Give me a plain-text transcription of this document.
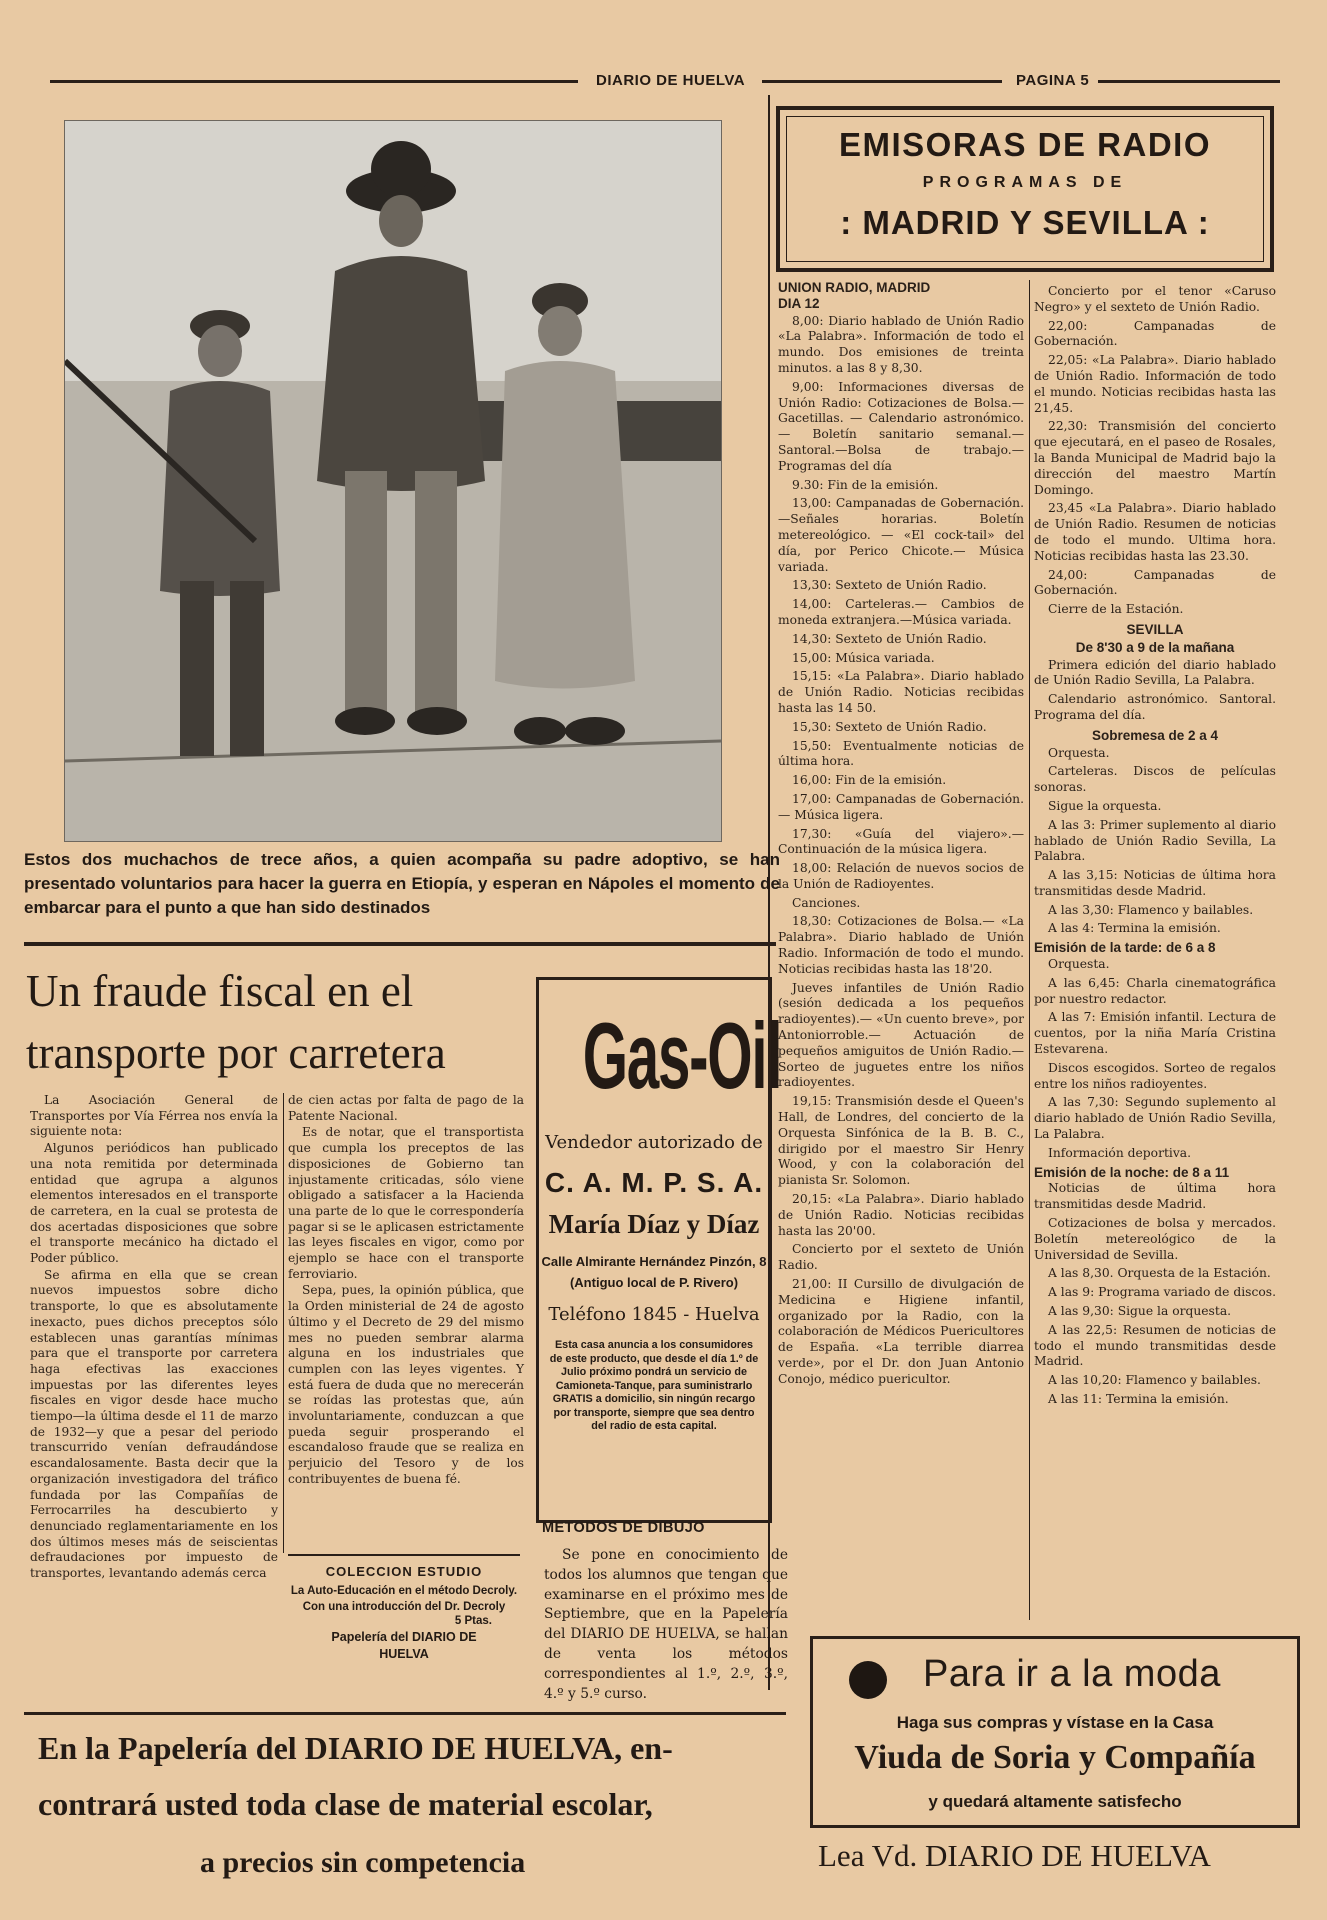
DIARIO DE HUELVA	PAGINA 5
Estos dos muchachos de trece años, a quien acompaña su padre adoptivo, se han presentado voluntarios para hacer la guerra en Etiopía, y esperan en Nápoles el momento de embarcar para el punto a que han sido destinados
Un fraude fiscal en el transporte por carretera

La Asociación General de Transportes por Vía Férrea nos envía la siguiente nota:

Algunos periódicos han publicado una nota remitida por determinada entidad que agrupa a algunos elementos interesados en el transporte de carretera, en la cual se protesta de dos acertadas disposiciones que sobre el transporte mecánico ha dictado el Poder público.

Se afirma en ella que se crean nuevos impuestos sobre dicho transporte, lo que es absolutamente inexacto, pues dichos preceptos sólo establecen unas garantías mínimas para que el transporte por carretera haga efectivas las exacciones impuestas por las diferentes leyes fiscales en vigor desde hace mucho tiempo—la última desde el 11 de marzo de 1932—y que a pesar del periodo transcurrido venían defraudándose escandalosamente. Basta decir que la organización investigadora del tráfico fundada por las Compañías de Ferrocarriles ha descubierto y denunciado reglamentariamente en los dos últimos meses más de seiscientas defraudaciones por impuesto de transportes, levantando además cerca

de cien actas por falta de pago de la Patente Nacional.

Es de notar, que el transportista que cumpla los preceptos de las disposiciones de Gobierno tan injustamente criticadas, sólo viene obligado a satisfacer a la Hacienda una parte de lo que le correspondería pagar si se le aplicasen estrictamente las leyes fiscales en vigor, como por ejemplo se hace con el transporte ferroviario.

Sepa, pues, la opinión pública, que la Orden ministerial de 24 de agosto último y el Decreto de 29 del mismo mes no pueden sembrar alarma alguna en los industriales que cumplen con las leyes vigentes. Y está fuera de duda que no merecerán se roídas las protestas que, aún involuntariamente, conduzcan a que pueda seguir prosperando el escandaloso fraude que se realiza en perjuicio del Tesoro y de los contribuyentes de buena fé.

COLECCION ESTUDIO
La Auto-Educación en el método Decroly. Con una introducción del Dr. Decroly
5 Ptas.
Papelería del DIARIO DE HUELVA
Gas-Oil
Vendedor autorizado de
C. A. M. P. S. A.
María Díaz y Díaz
Calle Almirante Hernández Pinzón, 8
(Antiguo local de P. Rivero)
Teléfono 1845 - Huelva
Esta casa anuncia a los consumidores de este producto, que desde el día 1.º de Julio próximo pondrá un servicio de Camioneta-Tanque, para suministrarlo GRATIS a domicilio, sin ningún recargo por transporte, siempre que sea dentro del radio de esta capital.
METODOS DE DIBUJO
Se pone en conocimiento de todos los alumnos que tengan que examinarse en el próximo mes de Septiembre, que en la Papelería del DIARIO DE HUELVA, se hallan de venta los métodos correspondientes al 1.º, 2.º, 3.º, 4.º y 5.º curso.
En la Papelería del DIARIO DE HUELVA, en-
contrará usted toda clase de material escolar,
a precios sin competencia
EMISORAS DE RADIO
PROGRAMAS DE
: MADRID Y SEVILLA :
UNION RADIO, MADRID
DIA 12

8,00: Diario hablado de Unión Radio «La Palabra». Información de todo el mundo. Dos emisiones de treinta minutos. a las 8 y 8,30.

9,00: Informaciones diversas de Unión Radio: Cotizaciones de Bolsa.— Gacetillas. — Calendario astronómico.— Boletín sanitario semanal.— Santoral.—Bolsa de trabajo.—Programas del día

9.30: Fin de la emisión.

13,00: Campanadas de Gobernación. —Señales horarias. Boletín metereológico. — «El cock-tail» del día, por Perico Chicote.— Música variada.

13,30: Sexteto de Unión Radio.

14,00: Carteleras.— Cambios de moneda extranjera.—Música variada.

14,30: Sexteto de Unión Radio.

15,00: Música variada.

15,15: «La Palabra». Diario hablado de Unión Radio. Noticias recibidas hasta las 14 50.

15,30: Sexteto de Unión Radio.

15,50: Eventualmente noticias de última hora.

16,00: Fin de la emisión.

17,00: Campanadas de Gobernación.— Música ligera.

17,30: «Guía del viajero».— Continuación de la música ligera.

18,00: Relación de nuevos socios de la Unión de Radioyentes.

Canciones.

18,30: Cotizaciones de Bolsa.— «La Palabra». Diario hablado de Unión Radio. Información de todo el mundo. Noticias recibidas hasta las 18'20.

Jueves infantiles de Unión Radio (sesión dedicada a los pequeños radioyentes).— «Un cuento breve», por Antoniorroble.— Actuación de pequeños amiguitos de Unión Radio.—Sorteo de juguetes entre los niños radioyentes.

19,15: Transmisión desde el Queen's Hall, de Londres, del concierto de la Orquesta Sinfónica de la B. B. C., dirigido por el maestro Sir Henry Wood, y con la colaboración del pianista Sr. Solomon.

20,15: «La Palabra». Diario hablado de Unión Radio. Noticias recibidas hasta las 20'00.

Concierto por el sexteto de Unión Radio.

21,00: II Cursillo de divulgación de Medicina e Higiene infantil, organizado por la Radio, con la colaboración de Médicos Puericultores de España. «La terrible diarrea verde», por el Dr. don Juan Antonio Conojo, médico puericultor.

Concierto por el tenor «Caruso Negro» y el sexteto de Unión Radio.

22,00: Campanadas de Gobernación.

22,05: «La Palabra». Diario hablado de Unión Radio. Información de todo el mundo. Noticias recibidas hasta las 21,45.

22,30: Transmisión del concierto que ejecutará, en el paseo de Rosales, la Banda Municipal de Madrid bajo la dirección del maestro Martín Domingo.

23,45 «La Palabra». Diario hablado de Unión Radio. Resumen de noticias de todo el mundo. Ultima hora. Noticias recibidas hasta las 23.30.

24,00: Campanadas de Gobernación.

Cierre de la Estación.

SEVILLA
De 8'30 a 9 de la mañana

Primera edición del diario hablado de Unión Radio Sevilla, La Palabra.

Calendario astronómico. Santoral. Programa del día.

Sobremesa de 2 a 4

Orquesta.

Carteleras. Discos de películas sonoras.

Sigue la orquesta.

A las 3: Primer suplemento al diario hablado de Unión Radio Sevilla, La Palabra.

A las 3,15: Noticias de última hora transmitidas desde Madrid.

A las 3,30: Flamenco y bailables.

A las 4: Termina la emisión.

Emisión de la tarde: de 6 a 8

Orquesta.

A las 6,45: Charla cinematográfica por nuestro redactor.

A las 7: Emisión infantil. Lectura de cuentos, por la niña María Cristina Estevarena.

Discos escogidos. Sorteo de regalos entre los niños radioyentes.

A las 7,30: Segundo suplemento al diario hablado de Unión Radio Sevilla, La Palabra.

Información deportiva.

Emisión de la noche: de 8 a 11

Noticias de última hora transmitidas desde Madrid.

Cotizaciones de bolsa y mercados. Boletín metereológico de la Universidad de Sevilla.

A las 8,30. Orquesta de la Estación.

A las 9: Programa variado de discos.

A las 9,30: Sigue la orquesta.

A las 22,5: Resumen de noticias de todo el mundo transmitidas desde Madrid.

A las 10,20: Flamenco y bailables.

A las 11: Termina la emisión.

Para ir a la moda
Haga sus compras y vístase en la Casa
Viuda de Soria y Compañía
y quedará altamente satisfecho
Lea Vd. DIARIO DE HUELVA
